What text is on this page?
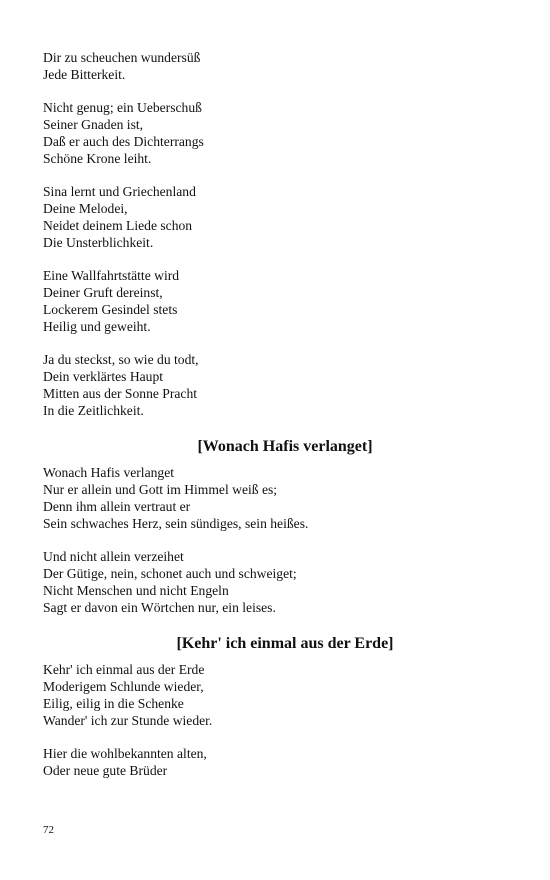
Dir zu scheuchen wundersüß
Jede Bitterkeit.
Nicht genug; ein Ueberschuß
Seiner Gnaden ist,
Daß er auch des Dichterrangs
Schöne Krone leiht.
Sina lernt und Griechenland
Deine Melodei,
Neidet deinem Liede schon
Die Unsterblichkeit.
Eine Wallfahrtstätte wird
Deiner Gruft dereinst,
Lockerem Gesindel stets
Heilig und geweiht.
Ja du steckst, so wie du todt,
Dein verklärtes Haupt
Mitten aus der Sonne Pracht
In die Zeitlichkeit.
[Wonach Hafis verlanget]
Wonach Hafis verlanget
Nur er allein und Gott im Himmel weiß es;
Denn ihm allein vertraut er
Sein schwaches Herz, sein sündiges, sein heißes.
Und nicht allein verzeihet
Der Gütige, nein, schonet auch und schweiget;
Nicht Menschen und nicht Engeln
Sagt er davon ein Wörtchen nur, ein leises.
[Kehr' ich einmal aus der Erde]
Kehr' ich einmal aus der Erde
Moderigem Schlunde wieder,
Eilig, eilig in die Schenke
Wander' ich zur Stunde wieder.
Hier die wohlbekannten alten,
Oder neue gute Brüder
72
